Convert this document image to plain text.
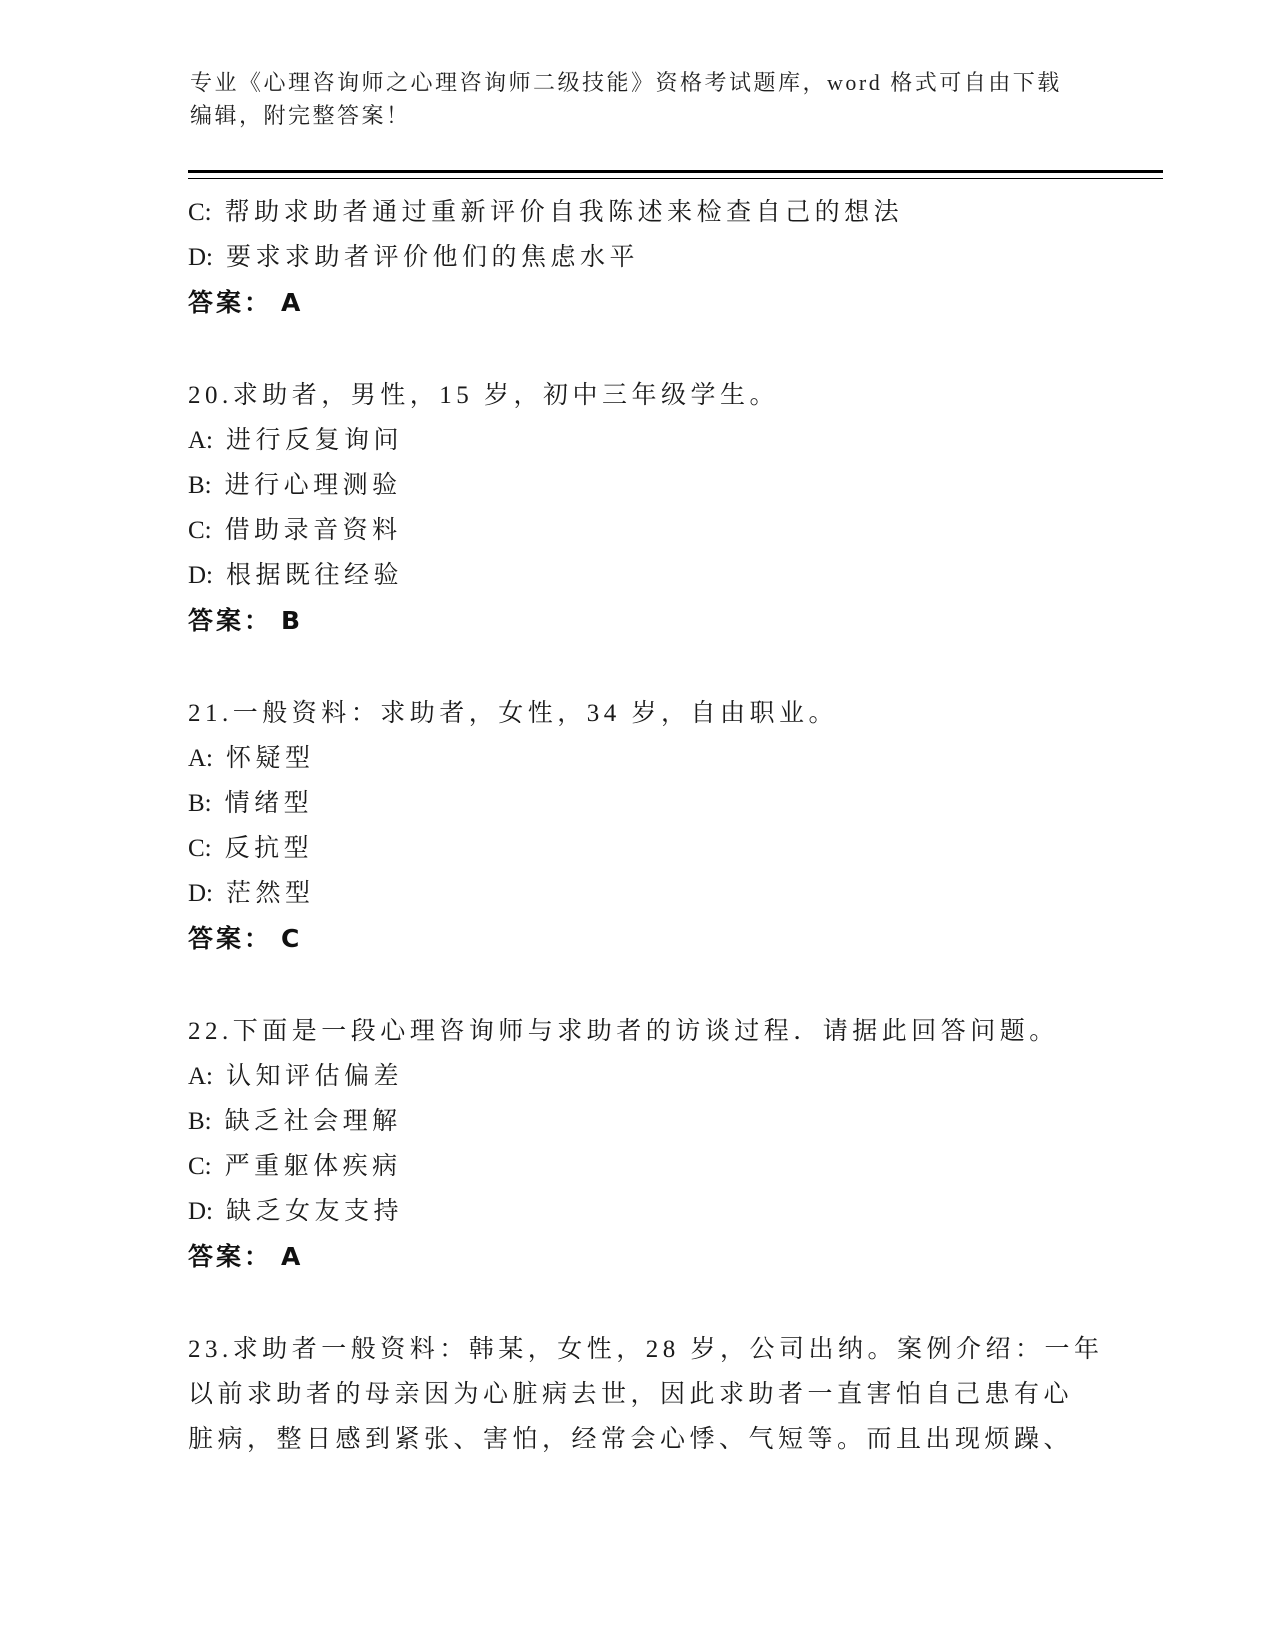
专业《心理咨询师之心理咨询师二级技能》资格考试题库，word 格式可自由下载

编辑，附完整答案！

C: 帮助求助者通过重新评价自我陈述来检查自己的想法

D: 要求求助者评价他们的焦虑水平

答案： A

20.求助者，男性，15 岁，初中三年级学生。

A: 进行反复询问

B: 进行心理测验

C: 借助录音资料

D: 根据既往经验

答案： B

21.一般资料：求助者，女性，34 岁，自由职业。

A: 怀疑型

B: 情绪型

C: 反抗型

D: 茫然型

答案： C

22.下面是一段心理咨询师与求助者的访谈过程．请据此回答问题。

A: 认知评估偏差

B: 缺乏社会理解

C: 严重躯体疾病

D: 缺乏女友支持

答案： A

23.求助者一般资料：韩某，女性，28 岁，公司出纳。案例介绍：一年

以前求助者的母亲因为心脏病去世，因此求助者一直害怕自己患有心

脏病，整日感到紧张、害怕，经常会心悸、气短等。而且出现烦躁、
